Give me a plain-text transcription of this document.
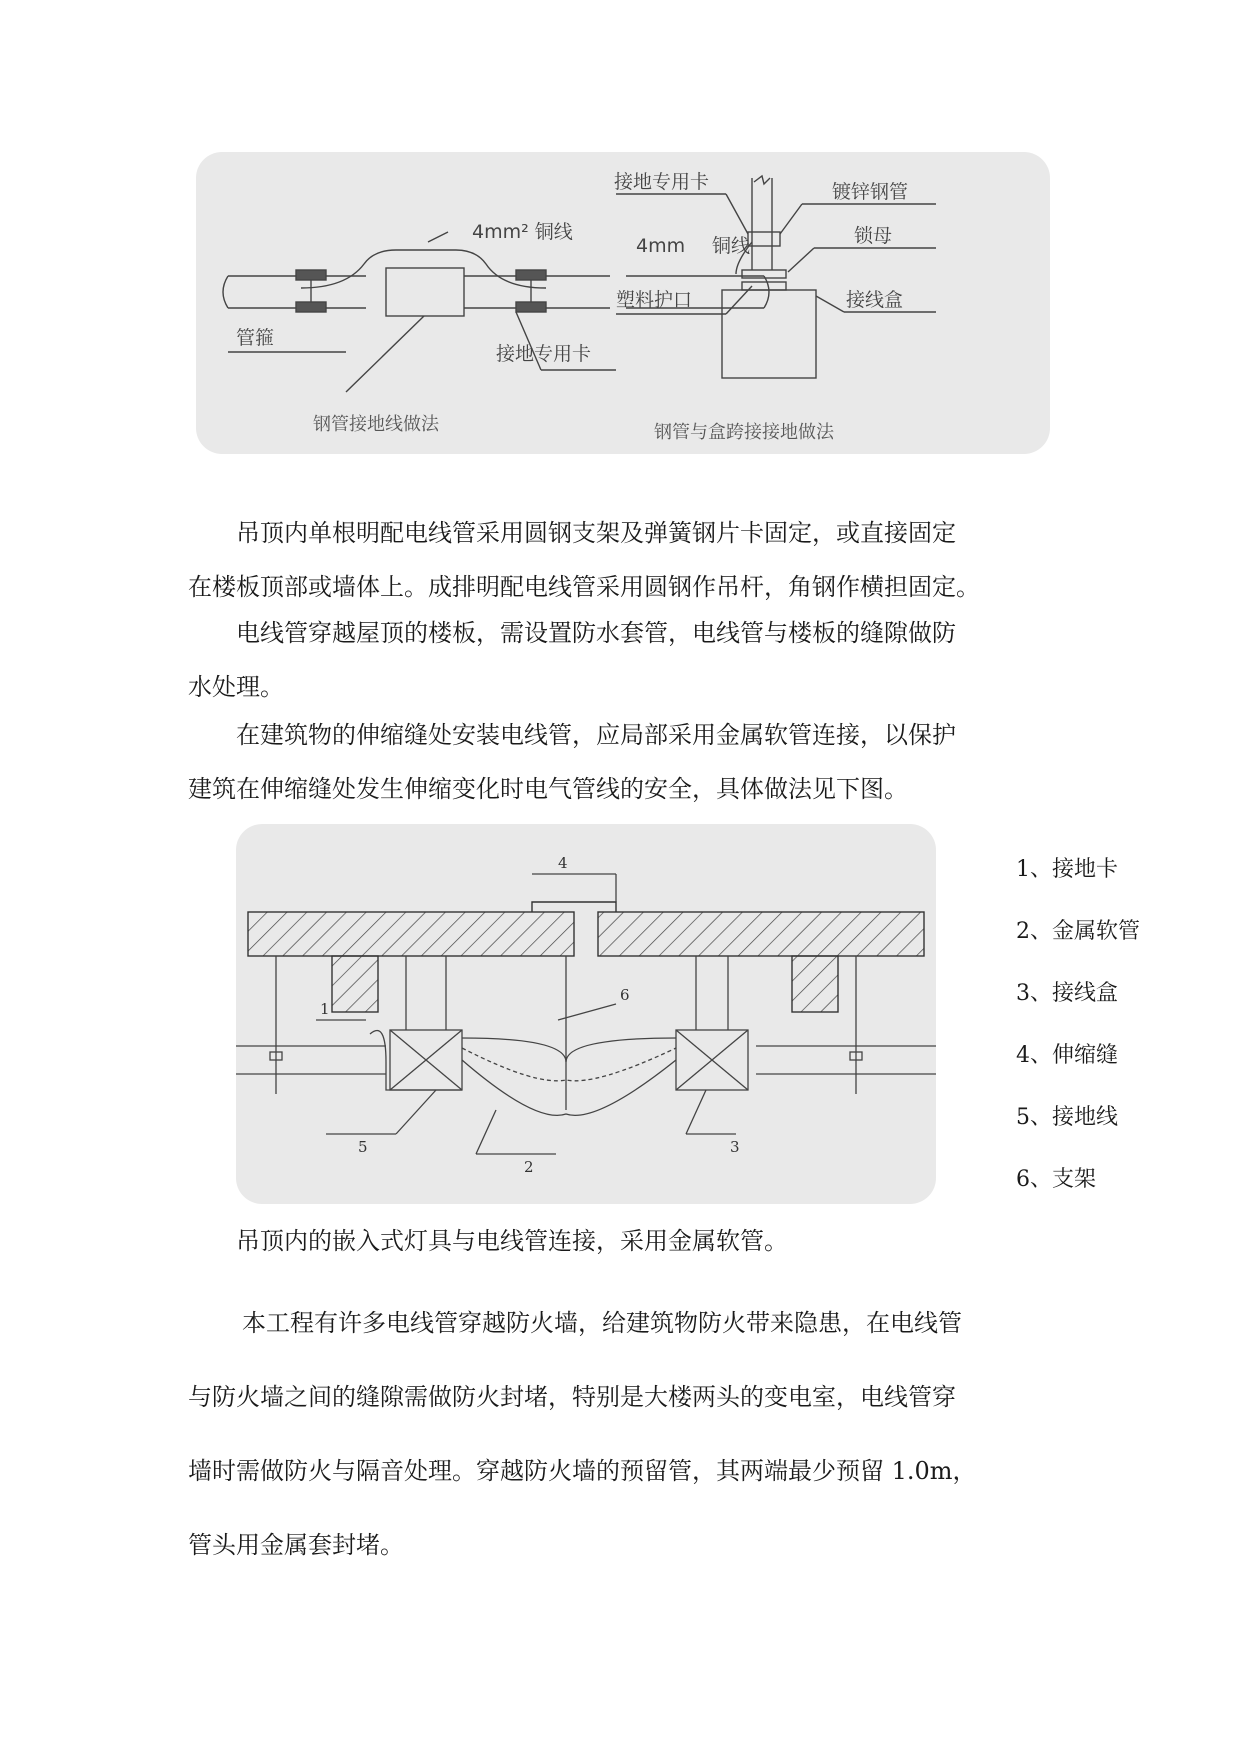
4mm² 铜线
管箍
接地专用卡
钢管接地线做法
接地专用卡	镀锌钢管
4mm 铜线	锁母
塑料护口	接线盒
钢管与盒跨接接地做法

吊顶内单根明配电线管采用圆钢支架及弹簧钢片卡固定，或直接固定
在楼板顶部或墙体上。成排明配电线管采用圆钢作吊杆，角钢作横担固定。

电线管穿越屋顶的楼板，需设置防水套管，电线管与楼板的缝隙做防
水处理。

在建筑物的伸缩缝处安装电线管，应局部采用金属软管连接，以保护
建筑在伸缩缝处发生伸缩变化时电气管线的安全，具体做法见下图。

4
1
6
5
2
3
1、接地卡
2、金属软管
3、接线盒
4、伸缩缝
5、接地线
6、支架

吊顶内的嵌入式灯具与电线管连接，采用金属软管。

本工程有许多电线管穿越防火墙，给建筑物防火带来隐患，在电线管
与防火墙之间的缝隙需做防火封堵，特别是大楼两头的变电室，电线管穿
墙时需做防火与隔音处理。穿越防火墙的预留管，其两端最少预留 1.0m，
管头用金属套封堵。
